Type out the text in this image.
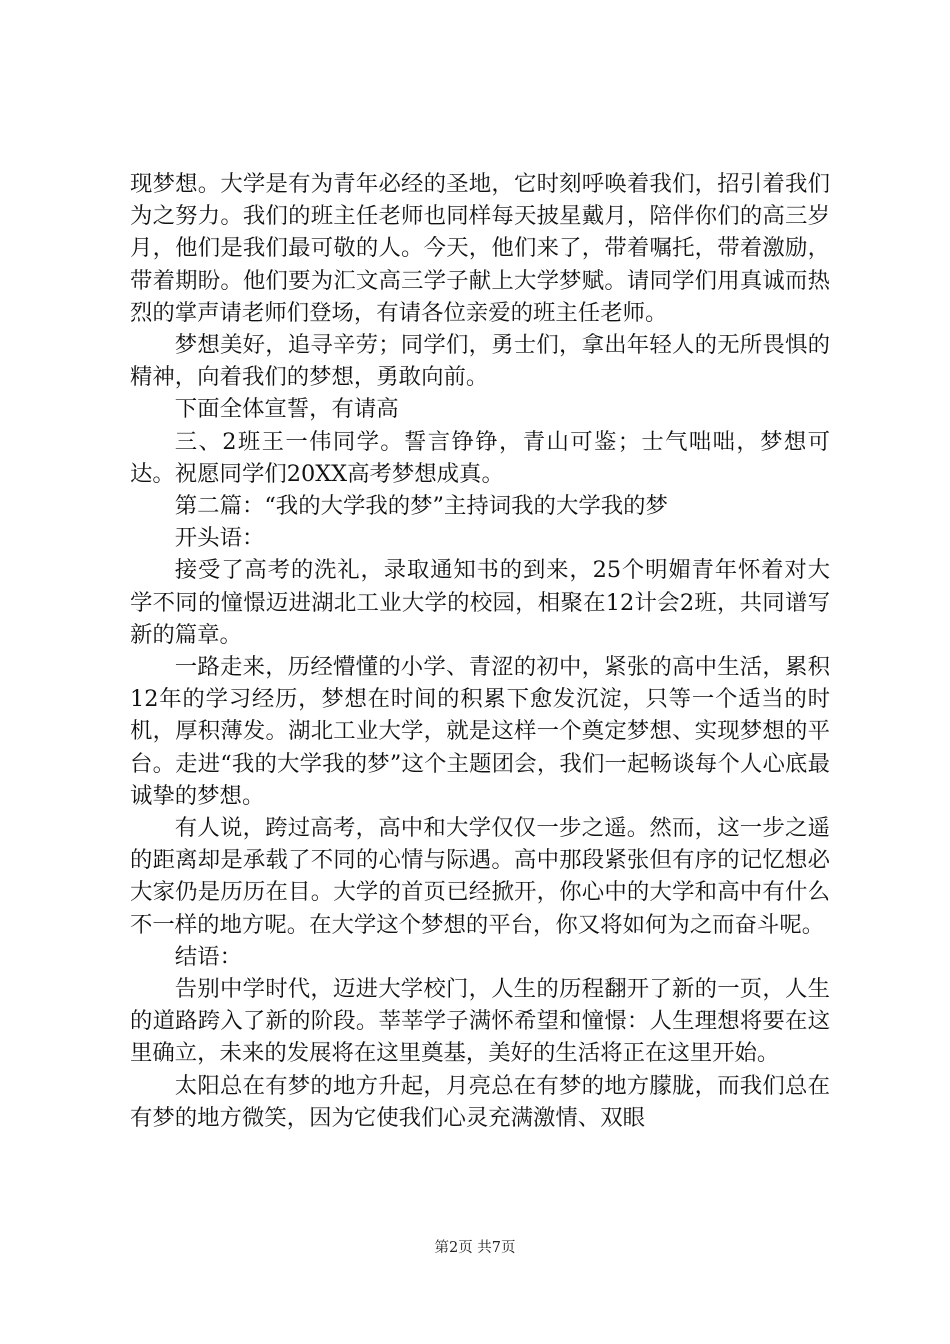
现梦想。大学是有为青年必经的圣地，它时刻呼唤着我们，招引着我们为之努力。我们的班主任老师也同样每天披星戴月，陪伴你们的高三岁月，他们是我们最可敬的人。今天，他们来了，带着嘱托，带着激励，带着期盼。他们要为汇文高三学子献上大学梦赋。请同学们用真诚而热烈的掌声请老师们登场，有请各位亲爱的班主任老师。

梦想美好，追寻辛劳；同学们，勇士们，拿出年轻人的无所畏惧的精神，向着我们的梦想，勇敢向前。

下面全体宣誓，有请高

三、2班王一伟同学。誓言铮铮，青山可鉴；士气咄咄，梦想可达。祝愿同学们20XX高考梦想成真。

第二篇：“我的大学我的梦”主持词我的大学我的梦

开头语：

接受了高考的洗礼，录取通知书的到来，25个明媚青年怀着对大学不同的憧憬迈进湖北工业大学的校园，相聚在12计会2班，共同谱写新的篇章。

一路走来，历经懵懂的小学、青涩的初中，紧张的高中生活，累积12年的学习经历，梦想在时间的积累下愈发沉淀，只等一个适当的时机，厚积薄发。湖北工业大学，就是这样一个奠定梦想、实现梦想的平台。走进“我的大学我的梦”这个主题团会，我们一起畅谈每个人心底最诚挚的梦想。

有人说，跨过高考，高中和大学仅仅一步之遥。然而，这一步之遥的距离却是承载了不同的心情与际遇。高中那段紧张但有序的记忆想必大家仍是历历在目。大学的首页已经掀开，你心中的大学和高中有什么不一样的地方呢。在大学这个梦想的平台，你又将如何为之而奋斗呢。

结语：

告别中学时代，迈进大学校门，人生的历程翻开了新的一页，人生的道路跨入了新的阶段。莘莘学子满怀希望和憧憬：人生理想将要在这里确立，未来的发展将在这里奠基，美好的生活将正在这里开始。

太阳总在有梦的地方升起，月亮总在有梦的地方朦胧，而我们总在有梦的地方微笑，因为它使我们心灵充满激情、双眼

第2页 共7页
